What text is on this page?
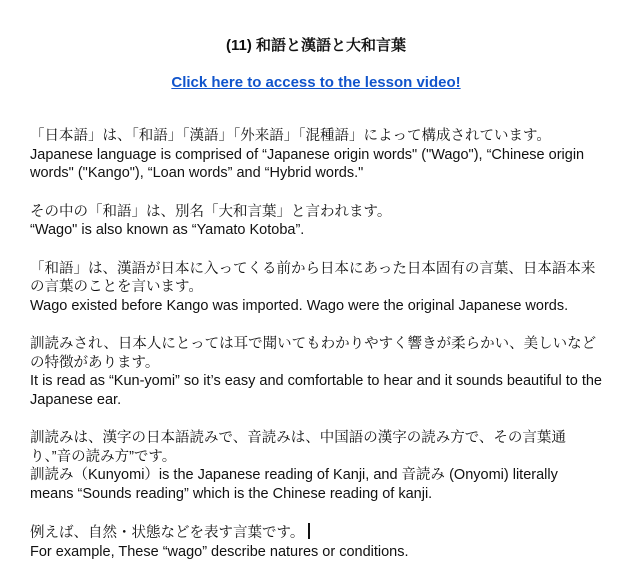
(11) 和語と漢語と大和言葉
Click here to access to the lesson video!

「日本語」は、「和語」「漢語」「外来語」「混種語」によって構成されています。

Japanese language is comprised of “Japanese origin words" ("Wago"), “Chinese origin words" ("Kango"), “Loan words” and “Hybrid words."

その中の「和語」は、別名「大和言葉」と言われます。

“Wago" is also known as “Yamato Kotoba”.

「和語」は、漢語が日本に入ってくる前から日本にあった日本固有の言葉、日本語本来の言葉のことを言います。

Wago existed before Kango was imported. Wago were the original Japanese words.

訓読みされ、日本人にとっては耳で聞いてもわかりやすく響きが柔らかい、美しいなどの特徴があります。

It is read as “Kun-yomi” so it’s easy and comfortable to hear and it sounds beautiful to the Japanese ear.

訓読みは、漢字の日本語読みで、音読みは、中国語の漢字の読み方で、その言葉通り、”音の読み方”です。

訓読み（Kunyomi）is the Japanese reading of Kanji, and 音読み (Onyomi) literally means “Sounds reading” which is the Chinese reading of kanji.

例えば、自然・状態などを表す言葉です。

For example, These “wago” describe natures or conditions.
